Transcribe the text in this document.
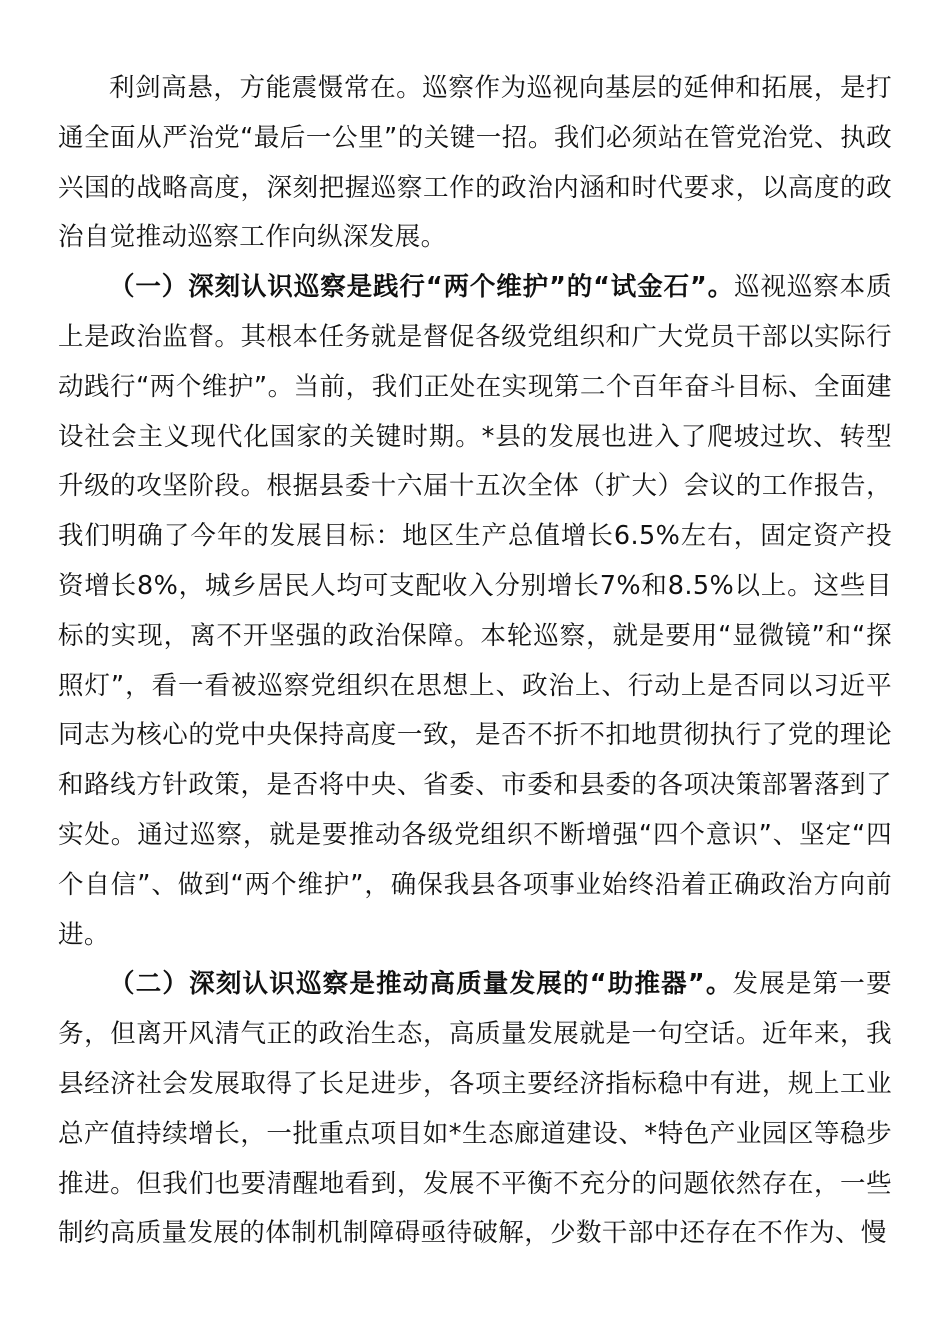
利剑高悬，方能震慑常在。巡察作为巡视向基层的延伸和拓展，是打通全面从严治党“最后一公里”的关键一招。我们必须站在管党治党、执政兴国的战略高度，深刻把握巡察工作的政治内涵和时代要求，以高度的政治自觉推动巡察工作向纵深发展。

（一）深刻认识巡察是践行“两个维护”的“试金石”。巡视巡察本质上是政治监督。其根本任务就是督促各级党组织和广大党员干部以实际行动践行“两个维护”。当前，我们正处在实现第二个百年奋斗目标、全面建设社会主义现代化国家的关键时期。*县的发展也进入了爬坡过坎、转型升级的攻坚阶段。根据县委十六届十五次全体（扩大）会议的工作报告，我们明确了今年的发展目标：地区生产总值增长6.5%左右，固定资产投资增长8%，城乡居民人均可支配收入分别增长7%和8.5%以上。这些目标的实现，离不开坚强的政治保障。本轮巡察，就是要用“显微镜”和“探照灯”，看一看被巡察党组织在思想上、政治上、行动上是否同以习近平同志为核心的党中央保持高度一致，是否不折不扣地贯彻执行了党的理论和路线方针政策，是否将中央、省委、市委和县委的各项决策部署落到了实处。通过巡察，就是要推动各级党组织不断增强“四个意识”、坚定“四个自信”、做到“两个维护”，确保我县各项事业始终沿着正确政治方向前进。

（二）深刻认识巡察是推动高质量发展的“助推器”。发展是第一要务，但离开风清气正的政治生态，高质量发展就是一句空话。近年来，我县经济社会发展取得了长足进步，各项主要经济指标稳中有进，规上工业总产值持续增长，一批重点项目如*生态廊道建设、*特色产业园区等稳步推进。但我们也要清醒地看到，发展不平衡不充分的问题依然存在，一些制约高质量发展的体制机制障碍亟待破解，少数干部中还存在不作为、慢
